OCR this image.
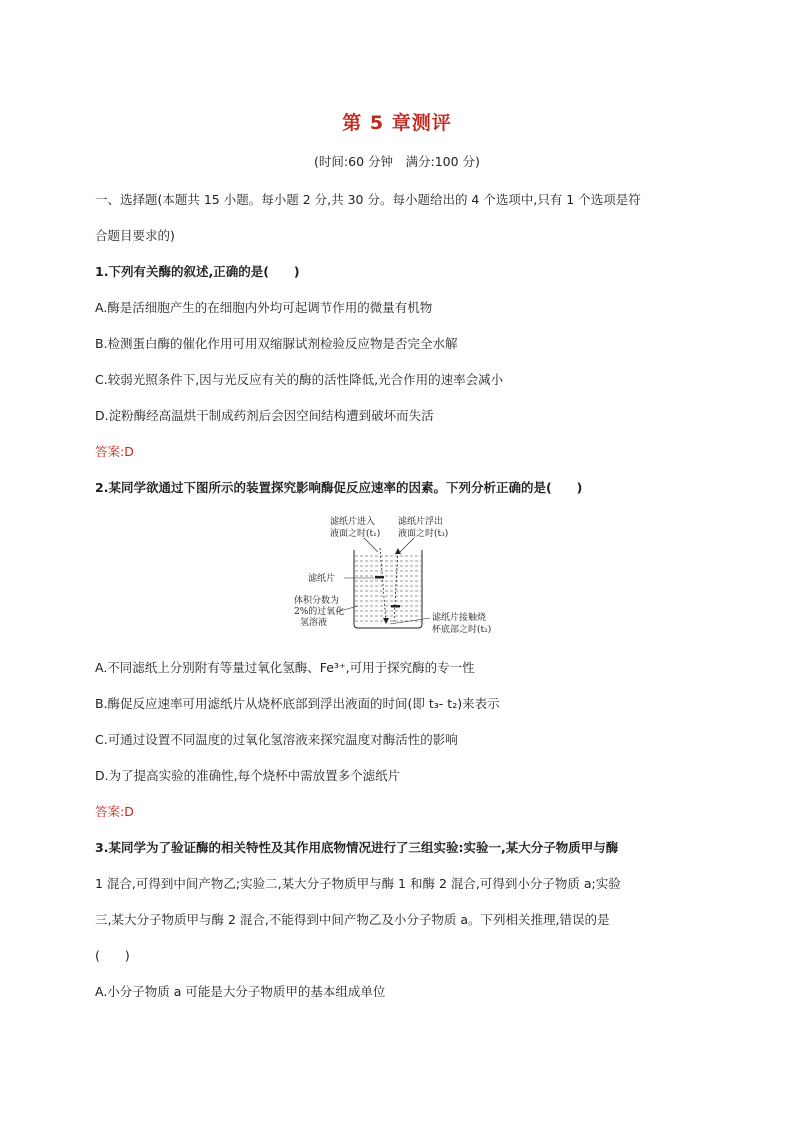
第 5 章测评
(时间:60 分钟　满分:100 分)
一、选择题(本题共 15 小题。每小题 2 分,共 30 分。每小题给出的 4 个选项中,只有 1 个选项是符
合题目要求的)
1.下列有关酶的叙述,正确的是(　　)
A.酶是活细胞产生的在细胞内外均可起调节作用的微量有机物
B.检测蛋白酶的催化作用可用双缩脲试剂检验反应物是否完全水解
C.较弱光照条件下,因与光反应有关的酶的活性降低,光合作用的速率会减小
D.淀粉酶经高温烘干制成药剂后会因空间结构遭到破坏而失活
答案:D
2.某同学欲通过下图所示的装置探究影响酶促反应速率的因素。下列分析正确的是(　　)
滤纸片进入
液面之时(t₁)
滤纸片浮出
液面之时(t₃)
滤纸片
体积分数为
2%的过氧化
氢溶液	滤纸片接触烧
杯底部之时(t₂)
A.不同滤纸上分别附有等量过氧化氢酶、Fe³⁺,可用于探究酶的专一性
B.酶促反应速率可用滤纸片从烧杯底部到浮出液面的时间(即 t₃- t₂)来表示
C.可通过设置不同温度的过氧化氢溶液来探究温度对酶活性的影响
D.为了提高实验的准确性,每个烧杯中需放置多个滤纸片
答案:D
3.某同学为了验证酶的相关特性及其作用底物情况进行了三组实验:实验一,某大分子物质甲与酶
1 混合,可得到中间产物乙;实验二,某大分子物质甲与酶 1 和酶 2 混合,可得到小分子物质 a;实验
三,某大分子物质甲与酶 2 混合,不能得到中间产物乙及小分子物质 a。下列相关推理,错误的是
(　　)
A.小分子物质 a 可能是大分子物质甲的基本组成单位
